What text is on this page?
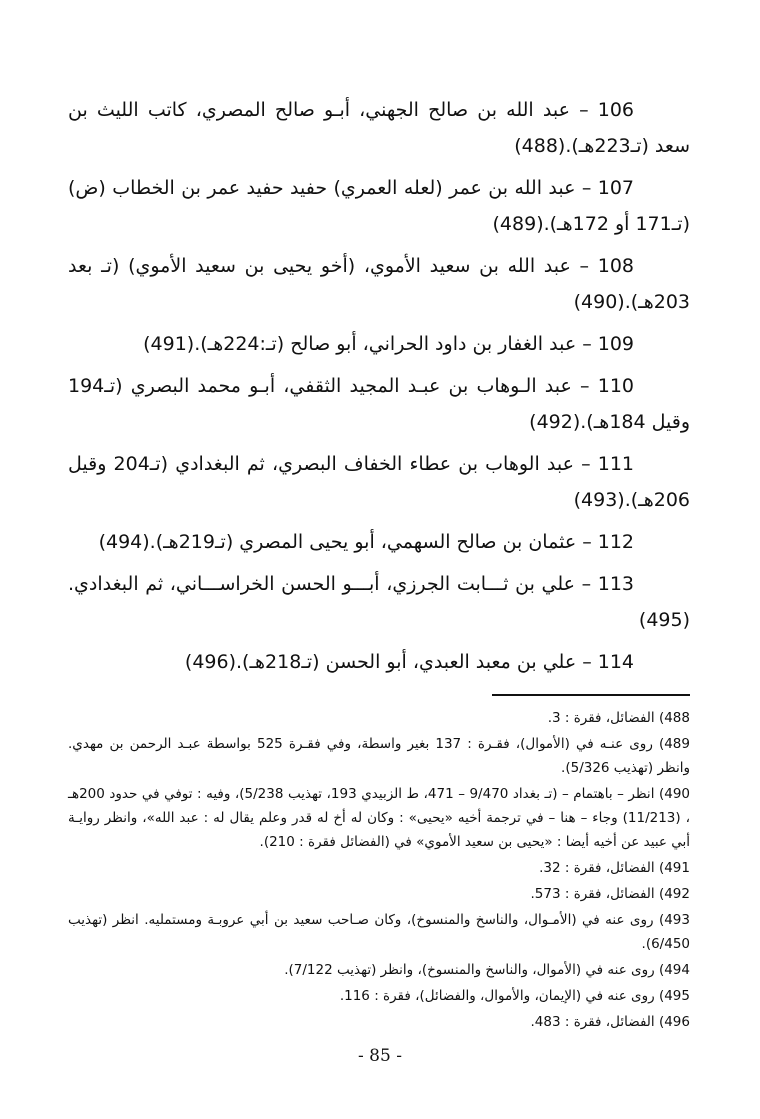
106 – عبد الله بن صالح الجهني، أبـو صالح المصري، كاتب الليث بن سعد (تـ223هـ).(488)

107 – عبد الله بن عمر (لعله العمري) حفيد حفيد عمر بن الخطاب (ض) (تـ171 أو 172هـ).(489)

108 – عبد الله بن سعيد الأموي، (أخو يحيى بن سعيد الأموي) (تـ بعد 203هـ).(490)

109 – عبد الغفار بن داود الحراني، أبو صالح (تـ:224هـ).(491)

110 – عبد الـوهاب بن عبـد المجيد الثقفي، أبـو محمد البصري (تـ194 وقيل 184هـ).(492)

111 – عبد الوهاب بن عطاء الخفاف البصري، ثم البغدادي (تـ204 وقيل 206هـ).(493)

112 – عثمان بن صالح السهمي، أبو يحيى المصري (تـ219هـ).(494)

113 – علي بن ثـــابت الجرزي، أبـــو الحسن الخراســـاني، ثم البغدادي.(495)

114 – علي بن معبد العبدي، أبو الحسن (تـ218هـ).(496)

488) الفضائل، فقرة : 3.

489) روى عنـه في (الأموال)، فقـرة : 137 بغير واسطة، وفي فقـرة 525 بواسطة عبـد الرحمن بن مهدي. وانظر (تهذيب 5/326).

490) انظر – باهتمام – (تـ بغداد 9/470 – 471، ط الزبيدي 193، تهذيب 5/238)، وفيه : توفي في حدود 200هـ ، (11/213) وجاء – هنا – في ترجمة أخيه «يحيى» : وكان له أخ له قدر وعلم يقال له : عبد الله»، وانظر روايـة أبي عبيد عن أخيه أيضا : «يحيى بن سعيد الأموي» في (الفضائل فقرة : 210).

491) الفضائل، فقرة : 32.

492) الفضائل، فقرة : 573.

493) روى عنه في (الأمـوال، والناسخ والمنسوخ)، وكان صـاحب سعيد بن أبي عروبـة ومستمليه. انظر (تهذيب 6/450).

494) روى عنه في (الأموال، والناسخ والمنسوخ)، وانظر (تهذيب 7/122).

495) روى عنه في (الإيمان، والأموال، والفضائل)، فقرة : 116.

496) الفضائل، فقرة : 483.

- 85 -
